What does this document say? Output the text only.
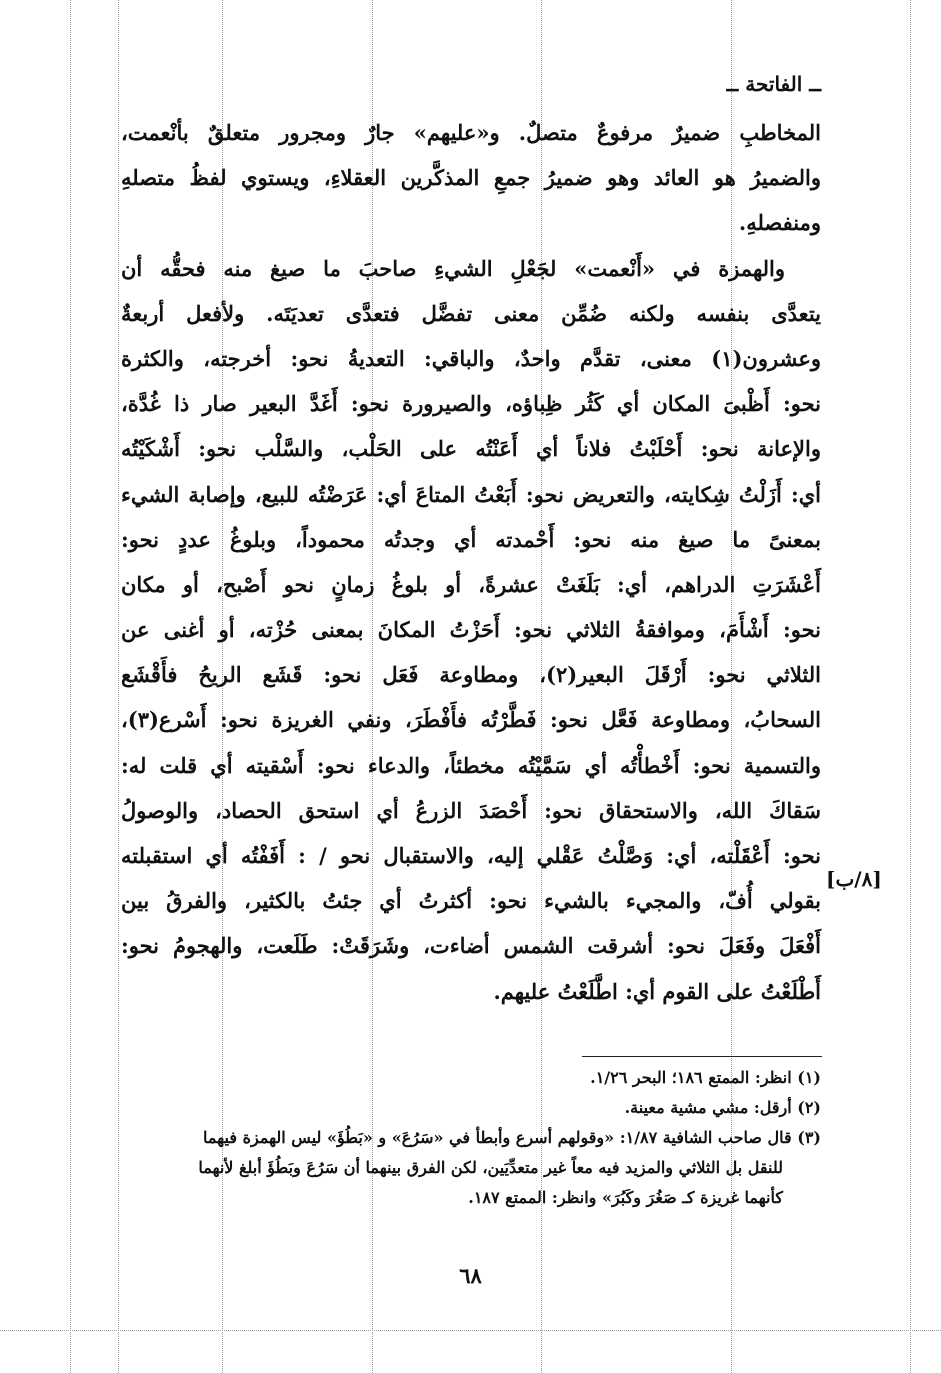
ــ الفاتحة ــ
المخاطبِ ضميرٌ مرفوعٌ متصلٌ. و«عليهم» جارٌ ومجرور متعلقٌ بأنْعمت،
والضميرُ هو العائد وهو ضميرُ جمعِ المذكَّرين العقلاءِ، ويستوي لفظُ متصلهِ
ومنفصلهِ.
والهمزة في «أَنْعمت» لجَعْلِ الشيءِ صاحبَ ما صيغ منه فحقُّه أن
يتعدَّى بنفسه ولكنه ضُمِّن معنى تفضَّل فتعدَّى تعديَتَه. ولأفعل أربعةٌ
وعشرون(١) معنى، تقدَّم واحدٌ، والباقي: التعديةُ نحو: أخرجته، والكثرة
نحو: أَظْبىَ المكان أي كَثُر ظِباؤه، والصيرورة نحو: أَغَدَّ البعير صار ذا غُدَّة،
والإعانة نحو: أَحْلَبْتُ فلاناً أي أَعَنْتُه على الحَلْب، والسَّلْب نحو: أَشْكَيْتُه
أي: أَزَلْتُ شِكايته، والتعريض نحو: أَبَعْتُ المتاعَ أي: عَرَضْتُه للبيع، وإصابة الشيء
بمعنىً ما صيغ منه نحو: أَحْمدته أي وجدتُه محموداً، وبلوغُ عددٍ نحو:
أَعْشَرَتِ الدراهم، أي: بَلَغَتْ عشرةً، أو بلوغُ زمانٍ نحو أَصْبح، أو مكان
نحو: أَشْأَمَ، وموافقةُ الثلاثي نحو: أَحَزْتُ المكانَ بمعنى حُزْته، أو أغنى عن
الثلاثي نحو: أَرْقَلَ البعير(٢)، ومطاوعة فَعَل نحو: قَشَع الريحُ فأَقْشَع
السحابُ، ومطاوعة فَعَّل نحو: فَطَّرْتُه فأَفْطَرَ، ونفي الغريزة نحو: أَسْرع(٣)،
والتسمية نحو: أَخْطأْتُه أي سَمَّيْتُه مخطئاً، والدعاء نحو: أَسْقيته أي قلت له:
سَقاكَ الله، والاستحقاق نحو: أَحْصَدَ الزرعُ أي استحق الحصاد، والوصولُ
نحو: أَعْقَلْته، أي: وَصَّلْتُ عَقْلي إليه، والاستقبال نحو / : أَفَفْتُه أي استقبلته
بقولي أُفّ، والمجيء بالشيء نحو: أكثرتُ أي جئتُ بالكثير، والفرقُ بين
أَفْعَلَ وفَعَلَ نحو: أشرقت الشمس أضاءت، وشَرَقَتْ: طَلَعت، والهجومُ نحو:
أَطْلَعْتُ على القوم أي: اطَّلَعْتُ عليهم.
[٨/ب]
(١) انظر: الممتع ١٨٦؛ البحر ١/٢٦.
(٢) أرقل: مشي مشية معينة.
(٣) قال صاحب الشافية ١/٨٧: «وقولهم أسرع وأبطأ في «سَرُعَ» و «بَطُؤَ» ليس الهمزة فيهما
للنقل بل الثلاثي والمزيد فيه معاً غير متعدِّيَين، لكن الفرق بينهما أن سَرُعَ وبَطُؤَ أبلغ لأنهما
كأنهما غريزة كـ صَغُرَ وكَبُرَ» وانظر: الممتع ١٨٧.
٦٨
